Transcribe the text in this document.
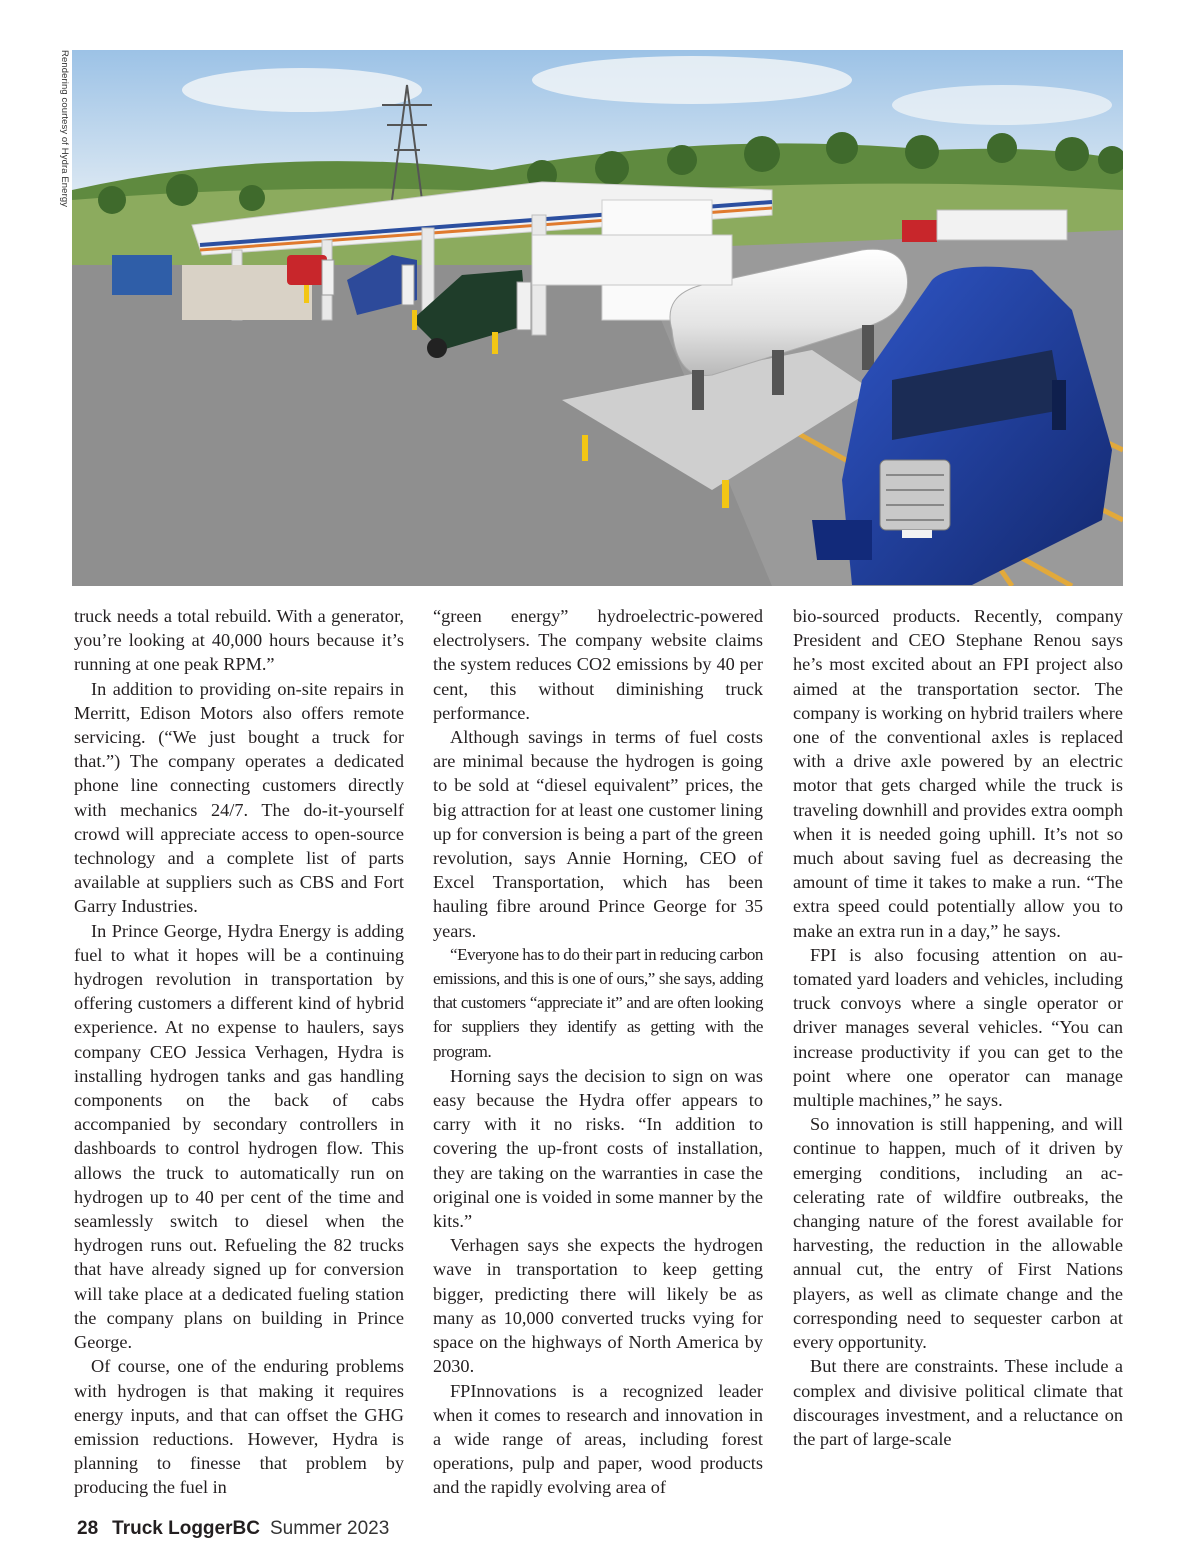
Rendering courtesy of Hydra Energy

truck needs a total rebuild. With a generator, you’re looking at 40,000 hours because it’s running at one peak RPM.”

In addition to providing on-site repairs in Merritt, Edison Motors also offers remote servicing. (“We just bought a truck for that.”) The company operates a dedicated phone line connecting customers directly with mechanics 24/7. The do-it-yourself crowd will appreciate access to open-source technology and a complete list of parts available at suppliers such as CBS and Fort Garry Industries.

In Prince George, Hydra Energy is adding fuel to what it hopes will be a continuing hydrogen revolution in transportation by offering customers a different kind of hybrid experience. At no expense to haulers, says company CEO Jessica Verhagen, Hydra is installing hydrogen tanks and gas handling components on the back of cabs accompanied by secondary controllers in dashboards to control hydrogen flow. This allows the truck to automatically run on hydrogen up to 40 per cent of the time and seamlessly switch to diesel when the hydrogen runs out. Refueling the 82 trucks that have already signed up for conversion will take place at a dedicated fueling station the company plans on building in Prince George.

Of course, one of the enduring problems with hydrogen is that making it requires energy inputs, and that can offset the GHG emission reductions. However, Hydra is planning to finesse that problem by producing the fuel in

“green energy” hydroelectric-powered electrolysers. The company website claims the system reduces CO2 emissions by 40 per cent, this without diminishing truck performance.

Although savings in terms of fuel costs are minimal because the hydrogen is going to be sold at “diesel equivalent” prices, the big attraction for at least one customer lining up for conversion is being a part of the green revolution, says Annie Horning, CEO of Excel Transportation, which has been hauling fibre around Prince George for 35 years.

“Everyone has to do their part in reducing carbon emissions, and this is one of ours,” she says, adding that customers “appreciate it” and are often looking for suppliers they identify as getting with the program.

Horning says the decision to sign on was easy because the Hydra offer appears to carry with it no risks. “In addition to covering the up-front costs of installation, they are taking on the warranties in case the original one is voided in some manner by the kits.”

Verhagen says she expects the hydrogen wave in transportation to keep getting bigger, predicting there will likely be as many as 10,000 converted trucks vying for space on the highways of North America by 2030.

FPInnovations is a recognized leader when it comes to research and innovation in a wide range of areas, including forest operations, pulp and paper, wood products and the rapidly evolving area of

bio-sourced products. Recently, company President and CEO Stephane Renou says he’s most excited about an FPI project also aimed at the transportation sector. The company is working on hybrid trailers where one of the conventional axles is replaced with a drive axle powered by an electric motor that gets charged while the truck is traveling downhill and provides extra oomph when it is needed going uphill. It’s not so much about saving fuel as decreasing the amount of time it takes to make a run. “The extra speed could potentially allow you to make an extra run in a day,” he says.

FPI is also focusing attention on automated yard loaders and vehicles, including truck convoys where a single operator or driver manages several vehicles. “You can increase productivity if you can get to the point where one operator can manage multiple machines,” he says.

So innovation is still happening, and will continue to happen, much of it driven by emerging conditions, including an accelerating rate of wildfire outbreaks, the changing nature of the forest available for harvesting, the reduction in the allowable annual cut, the entry of First Nations players, as well as climate change and the corresponding need to sequester carbon at every opportunity.

But there are constraints. These include a complex and divisive political climate that discourages investment, and a reluctance on the part of large-scale

28 Truck LoggerBC Summer 2023
